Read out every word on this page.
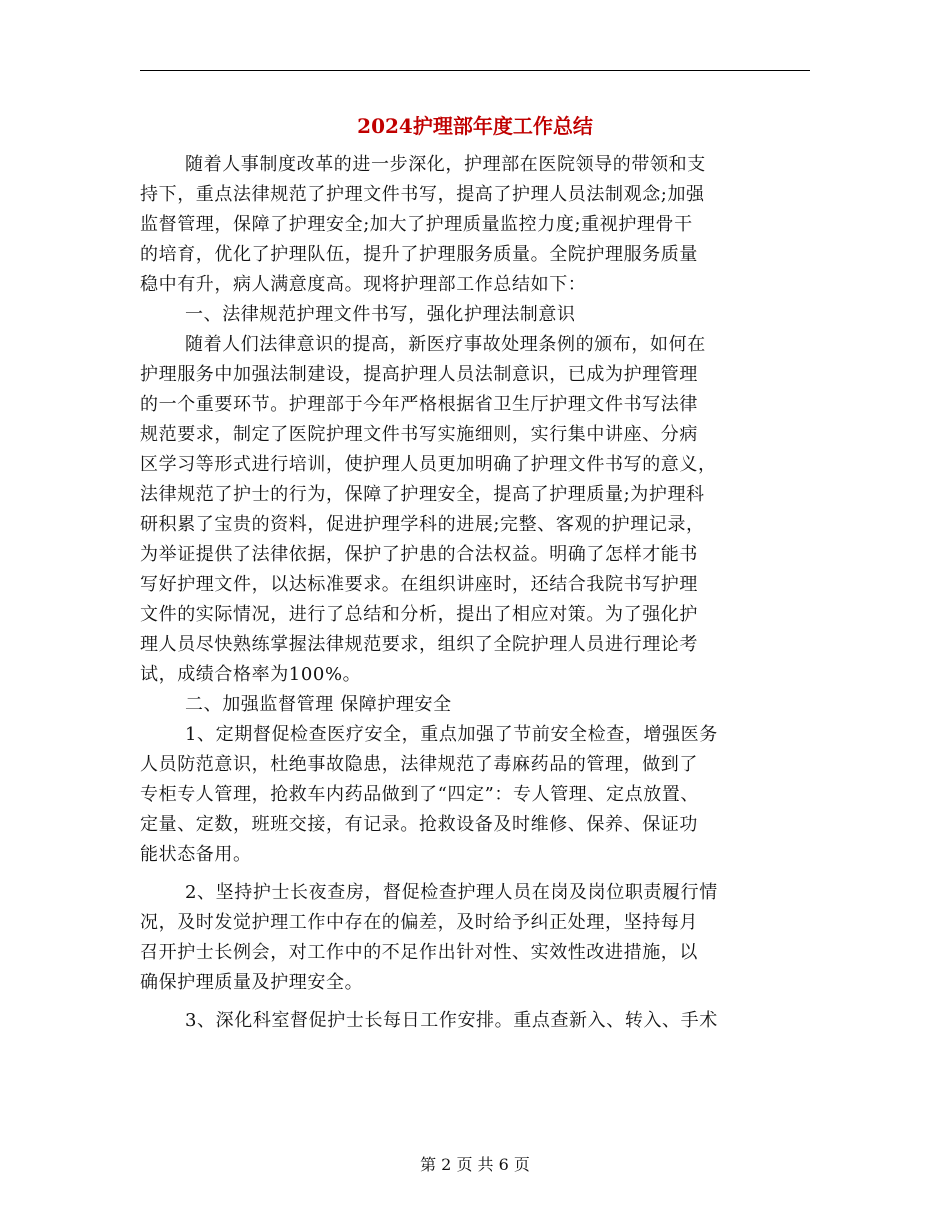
2024护理部年度工作总结
随着人事制度改革的进一步深化，护理部在医院领导的带领和支
持下，重点法律规范了护理文件书写，提高了护理人员法制观念;加强
监督管理，保障了护理安全;加大了护理质量监控力度;重视护理骨干
的培育，优化了护理队伍，提升了护理服务质量。全院护理服务质量
稳中有升，病人满意度高。现将护理部工作总结如下：
一、法律规范护理文件书写，强化护理法制意识
随着人们法律意识的提高，新医疗事故处理条例的颁布，如何在
护理服务中加强法制建设，提高护理人员法制意识，已成为护理管理
的一个重要环节。护理部于今年严格根据省卫生厅护理文件书写法律
规范要求，制定了医院护理文件书写实施细则，实行集中讲座、分病
区学习等形式进行培训，使护理人员更加明确了护理文件书写的意义，
法律规范了护士的行为，保障了护理安全，提高了护理质量;为护理科
研积累了宝贵的资料，促进护理学科的进展;完整、客观的护理记录，
为举证提供了法律依据，保护了护患的合法权益。明确了怎样才能书
写好护理文件，以达标准要求。在组织讲座时，还结合我院书写护理
文件的实际情况，进行了总结和分析，提出了相应对策。为了强化护
理人员尽快熟练掌握法律规范要求，组织了全院护理人员进行理论考
试，成绩合格率为100%。
二、加强监督管理 保障护理安全
1、定期督促检查医疗安全，重点加强了节前安全检查，增强医务
人员防范意识，杜绝事故隐患，法律规范了毒麻药品的管理，做到了
专柜专人管理，抢救车内药品做到了“四定”：专人管理、定点放置、
定量、定数，班班交接，有记录。抢救设备及时维修、保养、保证功
能状态备用。
2、坚持护士长夜查房，督促检查护理人员在岗及岗位职责履行情
况，及时发觉护理工作中存在的偏差，及时给予纠正处理，坚持每月
召开护士长例会，对工作中的不足作出针对性、实效性改进措施，以
确保护理质量及护理安全。
3、深化科室督促护士长每日工作安排。重点查新入、转入、手术
第 2 页 共 6 页
